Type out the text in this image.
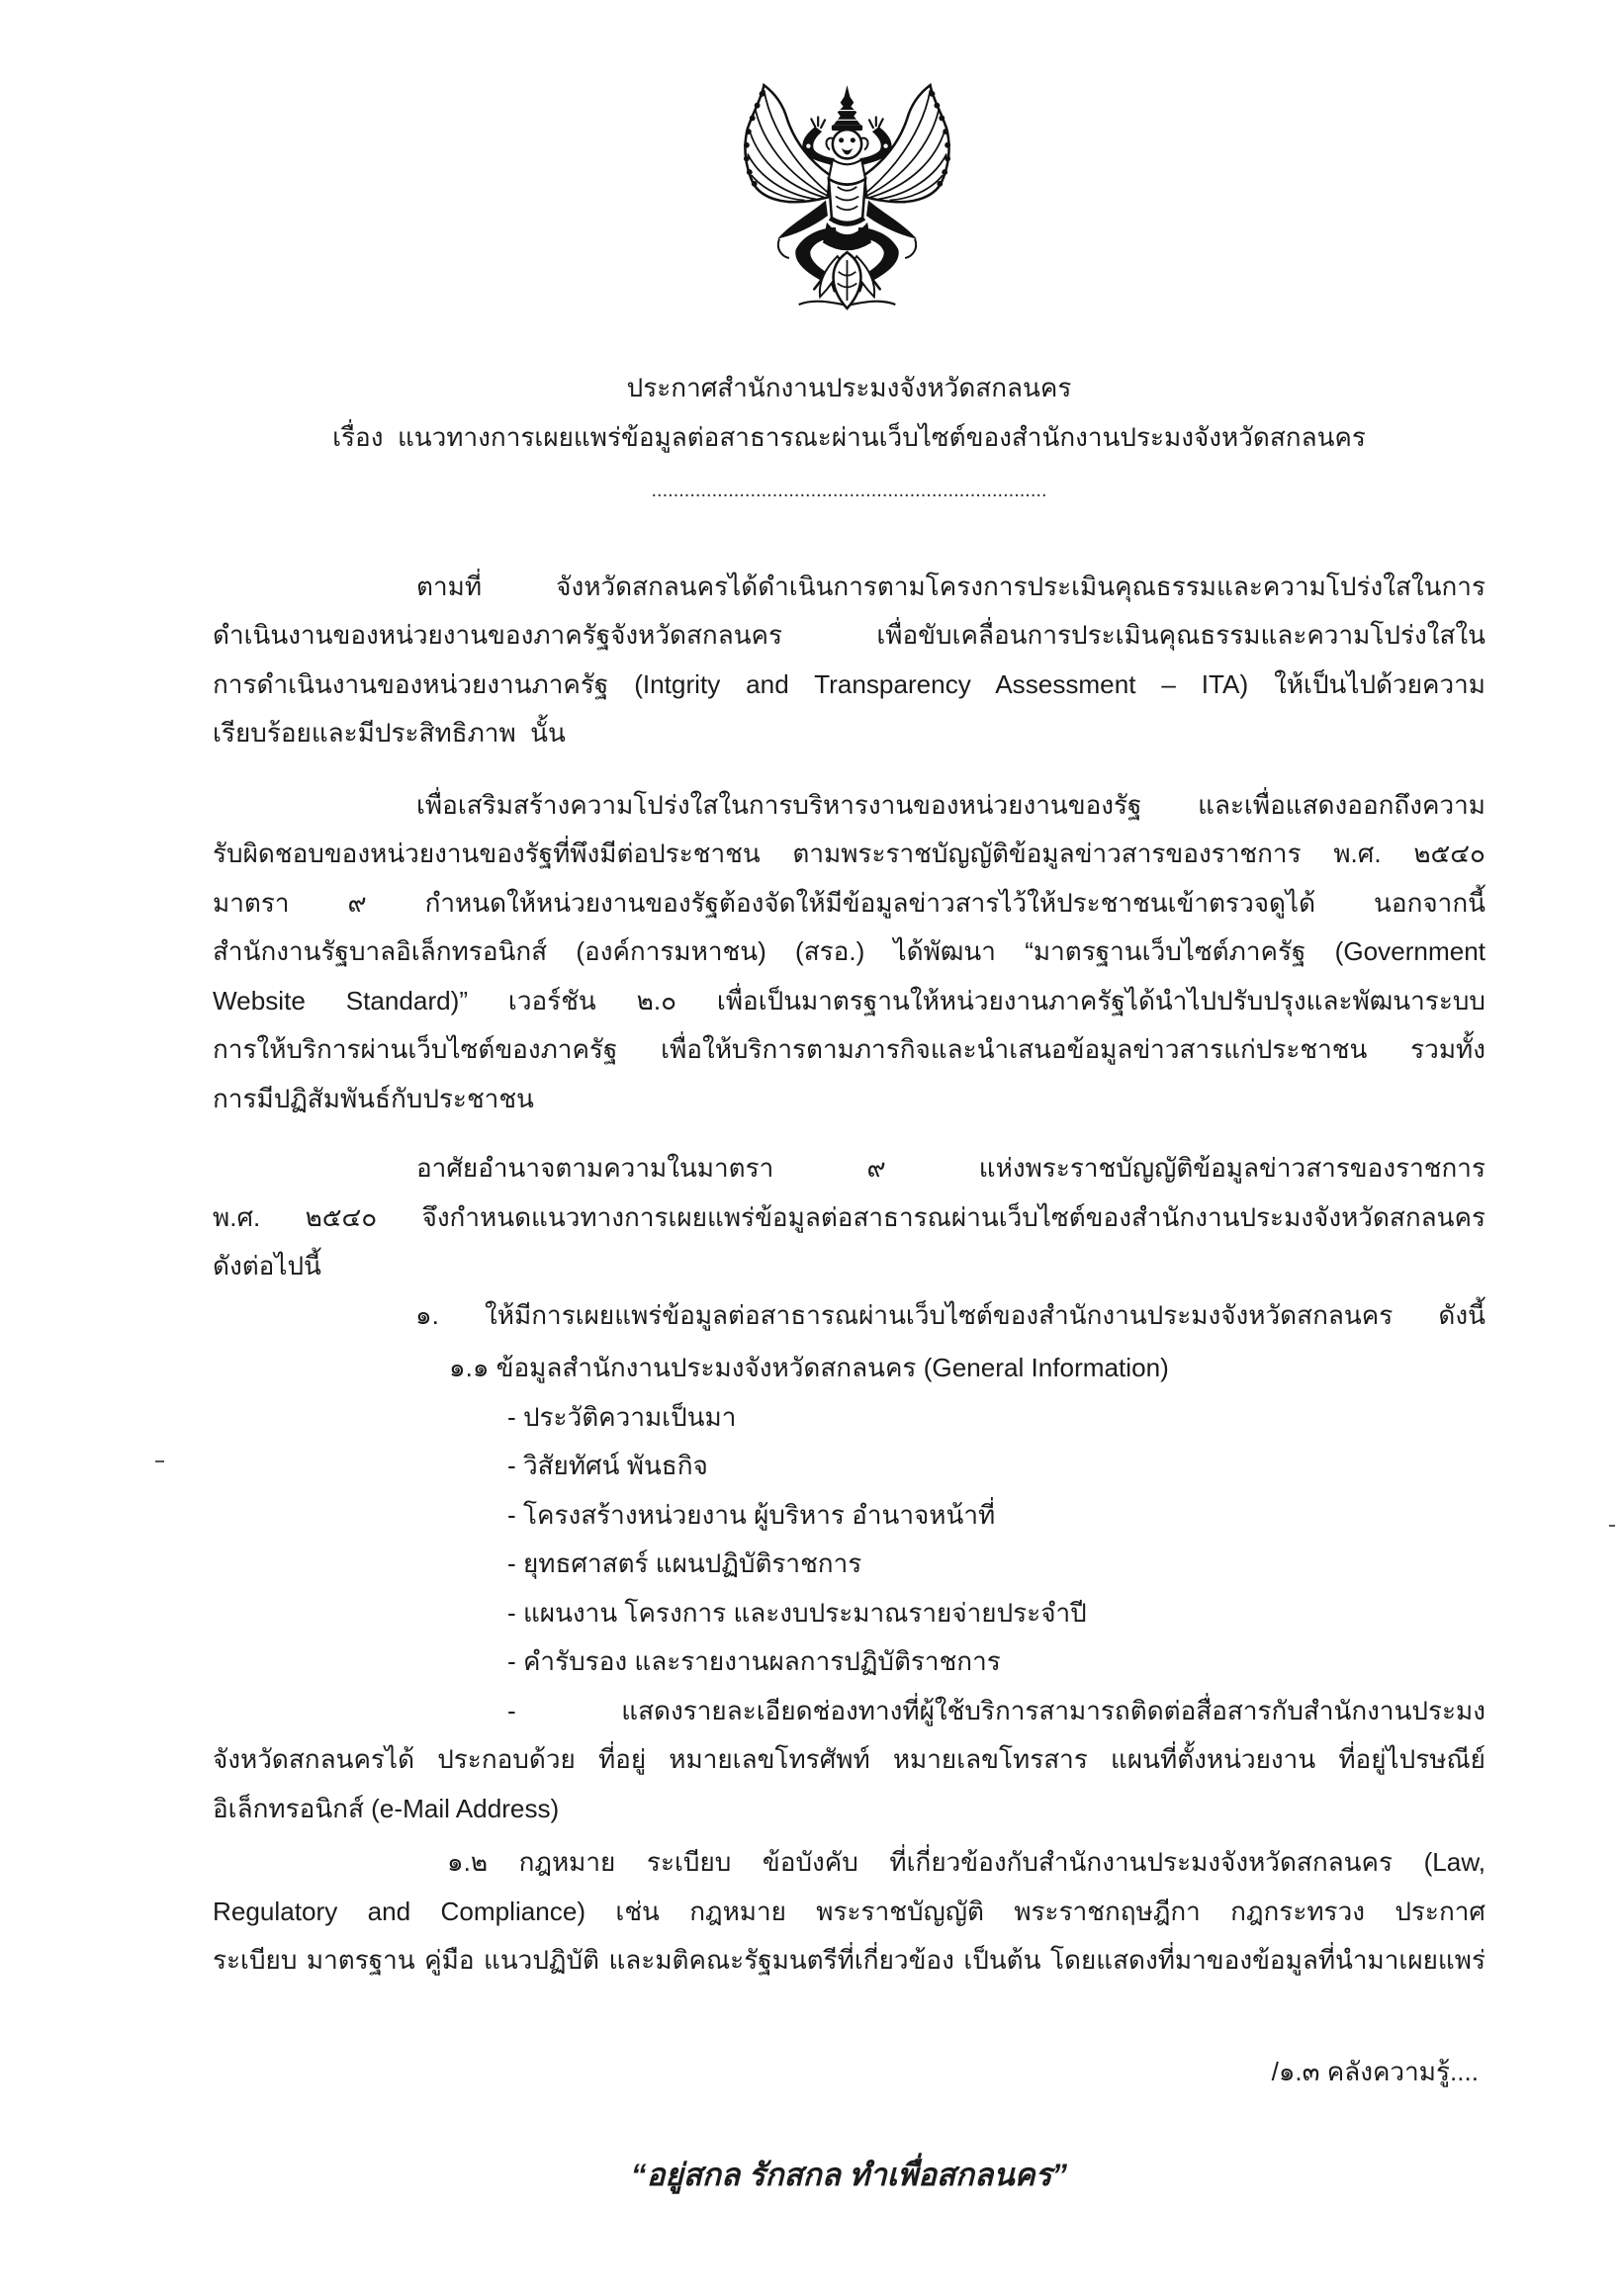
ประกาศสำนักงานประมงจังหวัดสกลนคร
เรื่อง  แนวทางการเผยแพร่ข้อมูลต่อสาธารณะผ่านเว็บไซต์ของสำนักงานประมงจังหวัดสกลนคร
........................................................................
ตามที่ จังหวัดสกลนครได้ดำเนินการตามโครงการประเมินคุณธรรมและความโปร่งใสในการ
ดำเนินงานของหน่วยงานของภาครัฐจังหวัดสกลนคร เพื่อขับเคลื่อนการประเมินคุณธรรมและความโปร่งใสใน
การดำเนินงานของหน่วยงานภาครัฐ (Intgrity and Transparency Assessment – ITA) ให้เป็นไปด้วยความ
เรียบร้อยและมีประสิทธิภาพ  นั้น
เพื่อเสริมสร้างความโปร่งใสในการบริหารงานของหน่วยงานของรัฐ และเพื่อแสดงออกถึงความ
รับผิดชอบของหน่วยงานของรัฐที่พึงมีต่อประชาชน ตามพระราชบัญญัติข้อมูลข่าวสารของราชการ พ.ศ. ๒๕๔๐
มาตรา ๙ กำหนดให้หน่วยงานของรัฐต้องจัดให้มีข้อมูลข่าวสารไว้ให้ประชาชนเข้าตรวจดูได้ นอกจากนี้
สำนักงานรัฐบาลอิเล็กทรอนิกส์ (องค์การมหาชน) (สรอ.) ได้พัฒนา “มาตรฐานเว็บไซต์ภาครัฐ (Government
Website Standard)” เวอร์ชัน ๒.๐ เพื่อเป็นมาตรฐานให้หน่วยงานภาครัฐได้นำไปปรับปรุงและพัฒนาระบบ
การให้บริการผ่านเว็บไซต์ของภาครัฐ เพื่อให้บริการตามภารกิจและนำเสนอข้อมูลข่าวสารแก่ประชาชน รวมทั้ง
การมีปฏิสัมพันธ์กับประชาชน
อาศัยอำนาจตามความในมาตรา ๙ แห่งพระราชบัญญัติข้อมูลข่าวสารของราชการ
พ.ศ. ๒๕๔๐ จึงกำหนดแนวทางการเผยแพร่ข้อมูลต่อสาธารณผ่านเว็บไซต์ของสำนักงานประมงจังหวัดสกลนคร
ดังต่อไปนี้
๑. ให้มีการเผยแพร่ข้อมูลต่อสาธารณผ่านเว็บไซต์ของสำนักงานประมงจังหวัดสกลนคร ดังนี้
๑.๑ ข้อมูลสำนักงานประมงจังหวัดสกลนคร (General Information)
- ประวัติความเป็นมา
- วิสัยทัศน์ พันธกิจ
- โครงสร้างหน่วยงาน ผู้บริหาร อำนาจหน้าที่
- ยุทธศาสตร์ แผนปฏิบัติราชการ
- แผนงาน โครงการ และงบประมาณรายจ่ายประจำปี
- คำรับรอง และรายงานผลการปฏิบัติราชการ
- แสดงรายละเอียดช่องทางที่ผู้ใช้บริการสามารถติดต่อสื่อสารกับสำนักงานประมง
จังหวัดสกลนครได้ ประกอบด้วย ที่อยู่ หมายเลขโทรศัพท์ หมายเลขโทรสาร แผนที่ตั้งหน่วยงาน ที่อยู่ไปรษณีย์
อิเล็กทรอนิกส์ (e-Mail Address)
๑.๒ กฎหมาย ระเบียบ ข้อบังคับ ที่เกี่ยวข้องกับสำนักงานประมงจังหวัดสกลนคร (Law,
Regulatory and Compliance) เช่น กฎหมาย พระราชบัญญัติ พระราชกฤษฎีกา กฎกระทรวง ประกาศ
ระเบียบ มาตรฐาน คู่มือ แนวปฏิบัติ และมติคณะรัฐมนตรีที่เกี่ยวข้อง เป็นต้น โดยแสดงที่มาของข้อมูลที่นำมาเผยแพร่
/๑.๓ คลังความรู้....
“อยู่สกล รักสกล ทำเพื่อสกลนคร”
